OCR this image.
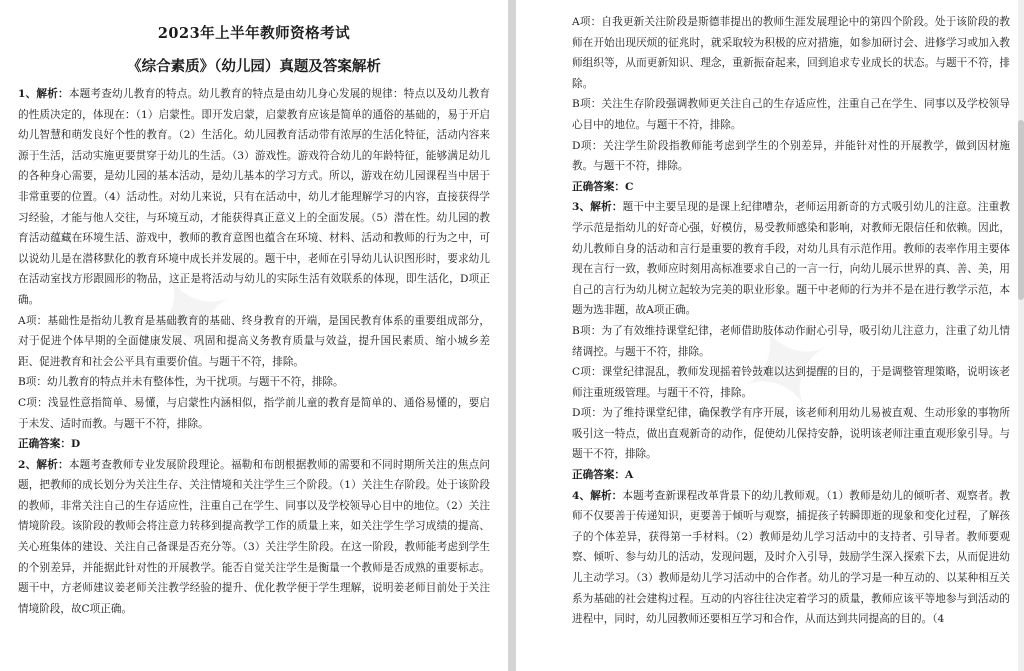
2023年上半年教师资格考试

《综合素质》（幼儿园）真题及答案解析

1、解析：本题考查幼儿教育的特点。幼儿教育的特点是由幼儿身心发展的规律：特点以及幼儿教育的性质决定的，体现在：（1）启蒙性。即开发启蒙，启蒙教育应该是简单的通俗的基础的，易于开启幼儿智慧和萌发良好个性的教育。（2）生活化。幼儿园教育活动带有浓厚的生活化特征，活动内容来源于生活，活动实施更要贯穿于幼儿的生活。（3）游戏性。游戏符合幼儿的年龄特征，能够满足幼儿的各种身心需要，是幼儿园的基本活动，是幼儿基本的学习方式。所以，游戏在幼儿园课程当中居于非常重要的位置。（4）活动性。对幼儿来说，只有在活动中，幼儿才能理解学习的内容，直接获得学习经验，才能与他人交往，与环境互动，才能获得真正意义上的全面发展。（5）潜在性。幼儿园的教育活动蕴藏在环境生活、游戏中，教师的教育意图也蕴含在环境、材料、活动和教师的行为之中，可以说幼儿是在潜移默化的教育环境中成长并发展的。题干中，老师在引导幼儿认识图形时，要求幼儿在活动室找方形跟圆形的物品，这正是将活动与幼儿的实际生活有效联系的体现，即生活化，D项正确。

A项：基础性是指幼儿教育是基础教育的基础、终身教育的开端，是国民教育体系的重要组成部分，对于促进个体早期的全面健康发展、巩固和提高义务教育质量与效益，提升国民素质、缩小城乡差距、促进教育和社会公平具有重要价值。与题干不符，排除。

B项：幼儿教育的特点并未有整体性，为干扰项。与题干不符，排除。

C项：浅显性意指简单、易懂，与启蒙性内涵相似，指学前儿童的教育是简单的、通俗易懂的，要启于未发、适时而教。与题干不符，排除。

正确答案：D

2、解析：本题考查教师专业发展阶段理论。福勒和布朗根据教师的需要和不同时期所关注的焦点问题，把教师的成长划分为关注生存、关注情境和关注学生三个阶段。（1）关注生存阶段。处于该阶段的教师，非常关注自己的生存适应性，注重自己在学生、同事以及学校领导心目中的地位。（2）关注情境阶段。该阶段的教师会将注意力转移到提高教学工作的质量上来，如关注学生学习成绩的提高、关心班集体的建设、关注自己备课是否充分等。（3）关注学生阶段。在这一阶段，教师能考虑到学生的个别差异，并能据此针对性的开展教学。能否自觉关注学生是衡量一个教师是否成熟的重要标志。题干中，方老师建议姜老师关注教学经验的提升、优化教学便于学生理解，说明姜老师目前处于关注情境阶段，故C项正确。

A项：自我更新关注阶段是斯德菲提出的教师生涯发展理论中的第四个阶段。处于该阶段的教师在开始出现厌烦的征兆时，就采取较为积极的应对措施，如参加研讨会、进修学习或加入教师组织等，从而更新知识、理念，重新振奋起来，回到追求专业成长的状态。与题干不符，排除。

B项：关注生存阶段强调教师更关注自己的生存适应性，注重自己在学生、同事以及学校领导心目中的地位。与题干不符，排除。

D项：关注学生阶段指教师能考虑到学生的个别差异，并能针对性的开展教学，做到因材施教。与题干不符，排除。

正确答案：C

3、解析：题干中主要呈现的是课上纪律嘈杂，老师运用新奇的方式吸引幼儿的注意。注重教学示范是指幼儿的好奇心强，好模仿，易受教师感染和影响，对教师无限信任和依赖。因此，幼儿教师自身的活动和言行是重要的教育手段，对幼儿具有示范作用。教师的表率作用主要体现在言行一致，教师应时刻用高标准要求自己的一言一行，向幼儿展示世界的真、善、美，用自己的言行为幼儿树立起较为完美的职业形象。题干中老师的行为并不是在进行教学示范，本题为选非题，故A项正确。

B项：为了有效维持课堂纪律，老师借助肢体动作耐心引导，吸引幼儿注意力，注重了幼儿情绪调控。与题干不符，排除。

C项：课堂纪律混乱，教师发现摇着铃鼓难以达到提醒的目的，于是调整管理策略，说明该老师注重班级管理。与题干不符，排除。

D项：为了维持课堂纪律，确保教学有序开展，该老师利用幼儿易被直观、生动形象的事物所吸引这一特点，做出直观新奇的动作，促使幼儿保持安静，说明该老师注重直观形象引导。与题干不符，排除。

正确答案：A

4、解析：本题考查新课程改革背景下的幼儿教师观。（1）教师是幼儿的倾听者、观察者。教师不仅要善于传递知识，更要善于倾听与观察，捕捉孩子转瞬即逝的现象和变化过程，了解孩子的个体差异，获得第一手材料。（2）教师是幼儿学习活动中的支持者、引导者。教师要观察、倾听、参与幼儿的活动，发现问题，及时介入引导，鼓励学生深入探索下去，从而促进幼儿主动学习。（3）教师是幼儿学习活动中的合作者。幼儿的学习是一种互动的、以某种相互关系为基础的社会建构过程。互动的内容往往决定着学习的质量，教师应该平等地参与到活动的进程中，同时，幼儿园教师还要相互学习和合作，从而达到共同提高的目的。（4
